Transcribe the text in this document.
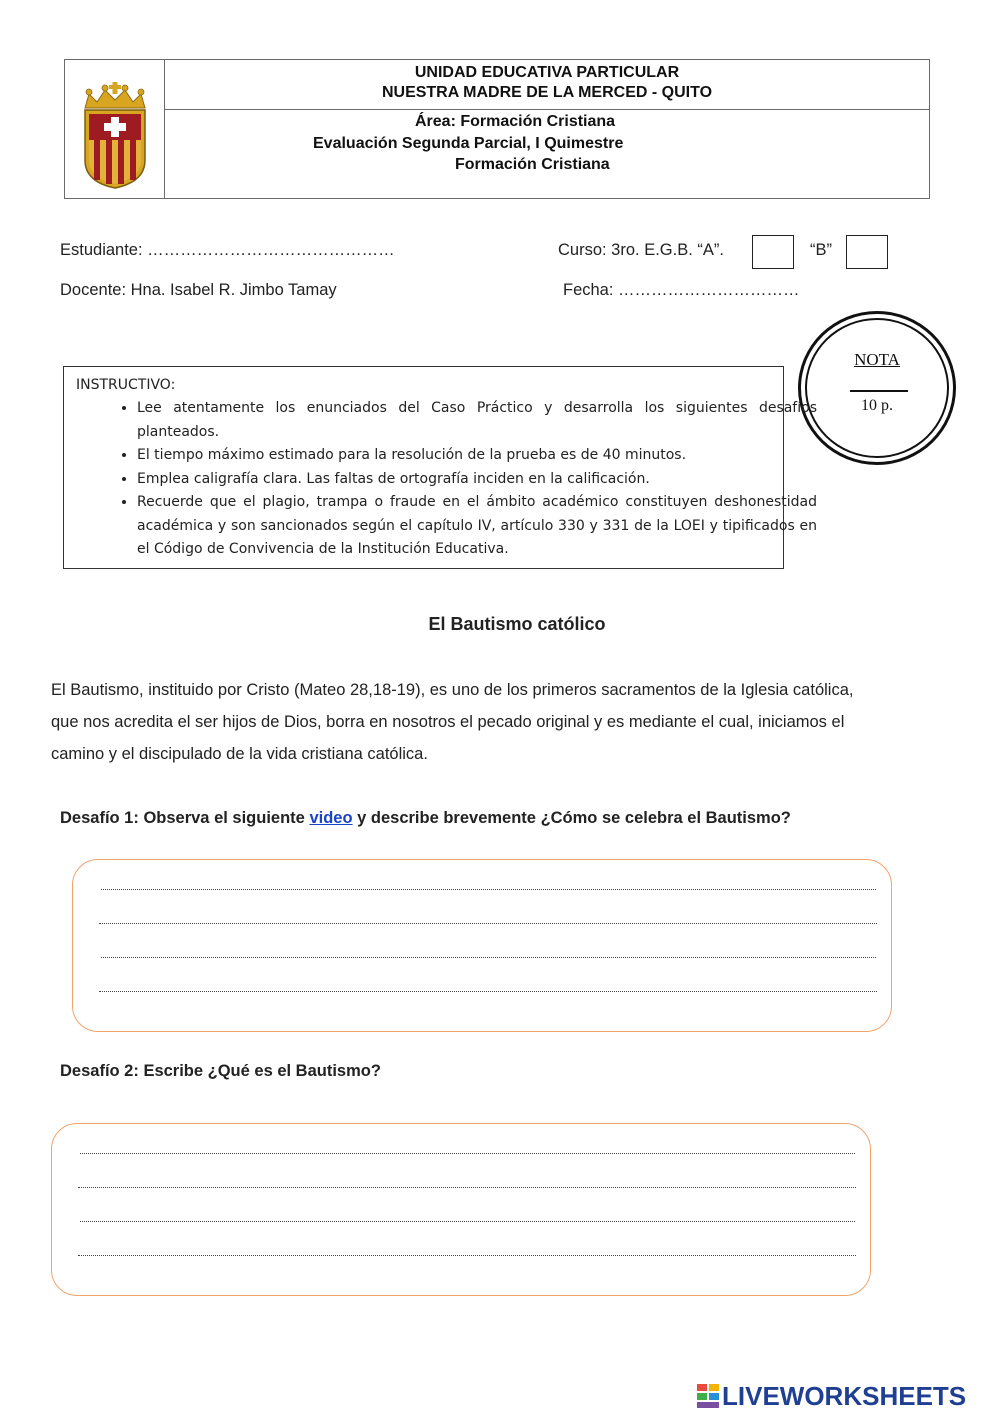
UNIDAD EDUCATIVA PARTICULAR
NUESTRA MADRE DE LA MERCED - QUITO
Área: Formación Cristiana
Evaluación Segunda Parcial, I Quimestre
Formación Cristiana
Estudiante: ………………………………………	Curso: 3ro. E.G.B. “A”.	“B”
Docente: Hna. Isabel R. Jimbo Tamay	Fecha: ……………………………
NOTA
10 p.
INSTRUCTIVO:
• Lee atentamente los enunciados del Caso Práctico y desarrolla los siguientes desafíos planteados.
• El tiempo máximo estimado para la resolución de la prueba es de 40 minutos.
• Emplea caligrafía clara. Las faltas de ortografía inciden en la calificación.
• Recuerde que el plagio, trampa o fraude en el ámbito académico constituyen deshonestidad académica y son sancionados según el capítulo IV, artículo 330 y 331 de la LOEI y tipificados en el Código de Convivencia de la Institución Educativa.
El Bautismo católico
El Bautismo, instituido por Cristo (Mateo 28,18-19), es uno de los primeros sacramentos de la Iglesia católica,
que nos acredita el ser hijos de Dios, borra en nosotros el pecado original y es mediante el cual, iniciamos el
camino y el discipulado de la vida cristiana católica.
Desafío 1: Observa el siguiente video y describe brevemente ¿Cómo se celebra el Bautismo?
Desafío 2: Escribe ¿Qué es el Bautismo?
LIVEWORKSHEETS
